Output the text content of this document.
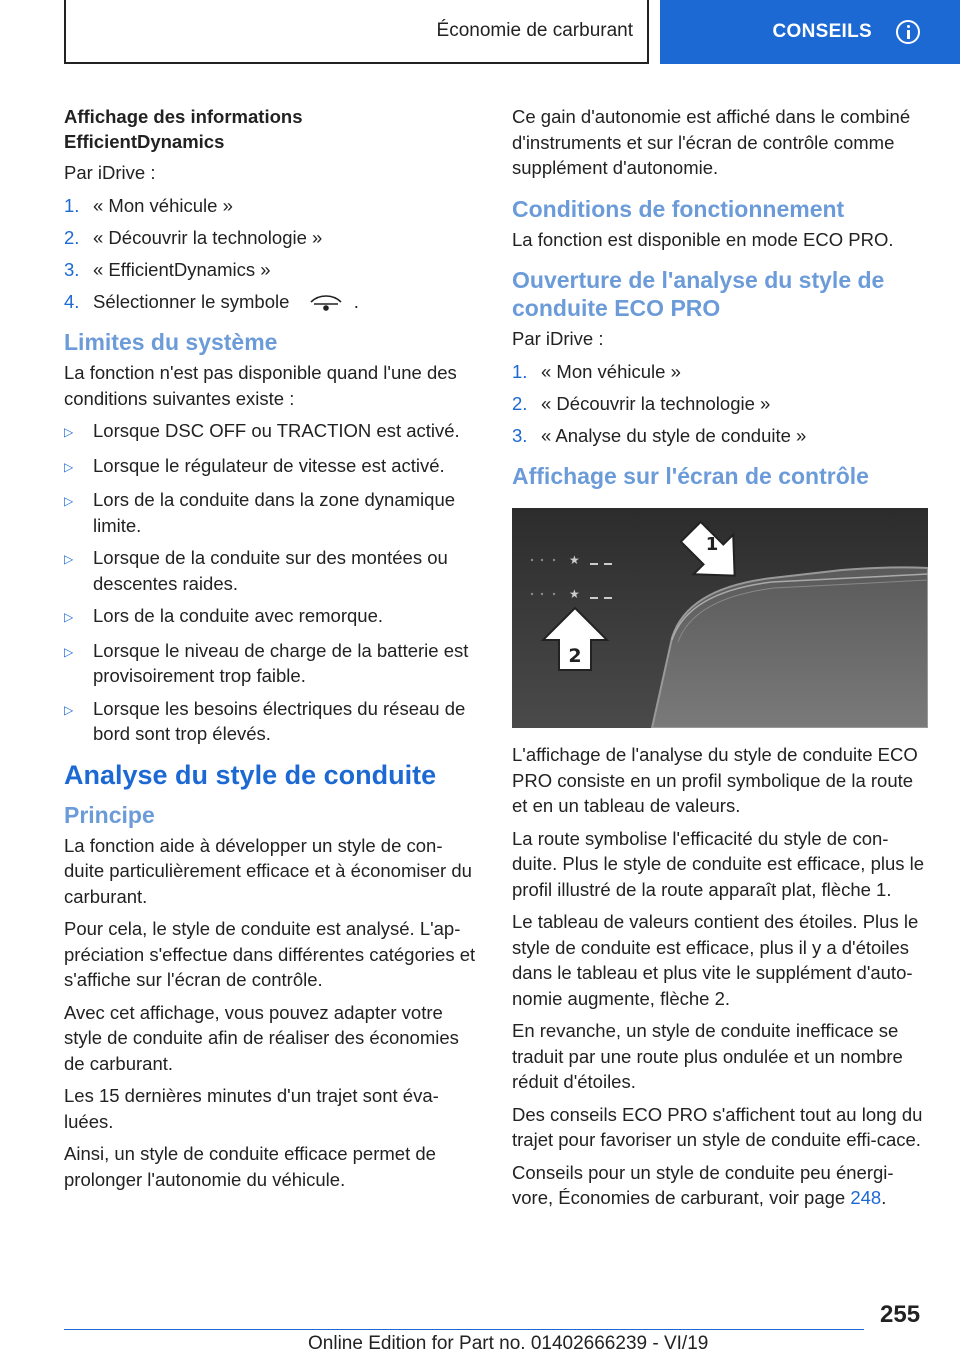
Économie de carburant	CONSEILS
Affichage des informations
EfficientDynamics

Par iDrive :

1. « Mon véhicule »
2. « Découvrir la technologie »
3. « EfficientDynamics »
4. Sélectionner le symbole	.
Limites du système

La fonction n'est pas disponible quand l'une des conditions suivantes existe :

▷	Lorsque DSC OFF ou TRACTION est activé.
▷	Lorsque le régulateur de vitesse est activé.
▷	Lors de la conduite dans la zone dynamique limite.
▷	Lorsque de la conduite sur des montées ou descentes raides.
▷	Lors de la conduite avec remorque.
▷	Lorsque le niveau de charge de la batterie est provisoirement trop faible.
▷	Lorsque les besoins électriques du réseau de bord sont trop élevés.
Analyse du style de conduite
Principe

La fonction aide à développer un style de con-duite particulièrement efficace et à économiser du carburant.

Pour cela, le style de conduite est analysé. L'ap-préciation s'effectue dans différentes catégories et s'affiche sur l'écran de contrôle.

Avec cet affichage, vous pouvez adapter votre style de conduite afin de réaliser des économies de carburant.

Les 15 dernières minutes d'un trajet sont éva-luées.

Ainsi, un style de conduite efficace permet de prolonger l'autonomie du véhicule.

Ce gain d'autonomie est affiché dans le combiné d'instruments et sur l'écran de contrôle comme supplément d'autonomie.

Conditions de fonctionnement

La fonction est disponible en mode ECO PRO.

Ouverture de l'analyse du style de conduite ECO PRO

Par iDrive :

1. « Mon véhicule »
2. « Découvrir la technologie »
3. « Analyse du style de conduite »
Affichage sur l'écran de contrôle
★
★
1
2

L'affichage de l'analyse du style de conduite ECO PRO consiste en un profil symbolique de la route et en un tableau de valeurs.

La route symbolise l'efficacité du style de con-duite. Plus le style de conduite est efficace, plus le profil illustré de la route apparaît plat, flèche 1.

Le tableau de valeurs contient des étoiles. Plus le style de conduite est efficace, plus il y a d'étoiles dans le tableau et plus vite le supplément d'auto-nomie augmente, flèche 2.

En revanche, un style de conduite inefficace se traduit par une route plus ondulée et un nombre réduit d'étoiles.

Des conseils ECO PRO s'affichent tout au long du trajet pour favoriser un style de conduite effi-cace.

Conseils pour un style de conduite peu énergi-vore, Économies de carburant, voir page 248.

255
Online Edition for Part no. 01402666239 - VI/19
